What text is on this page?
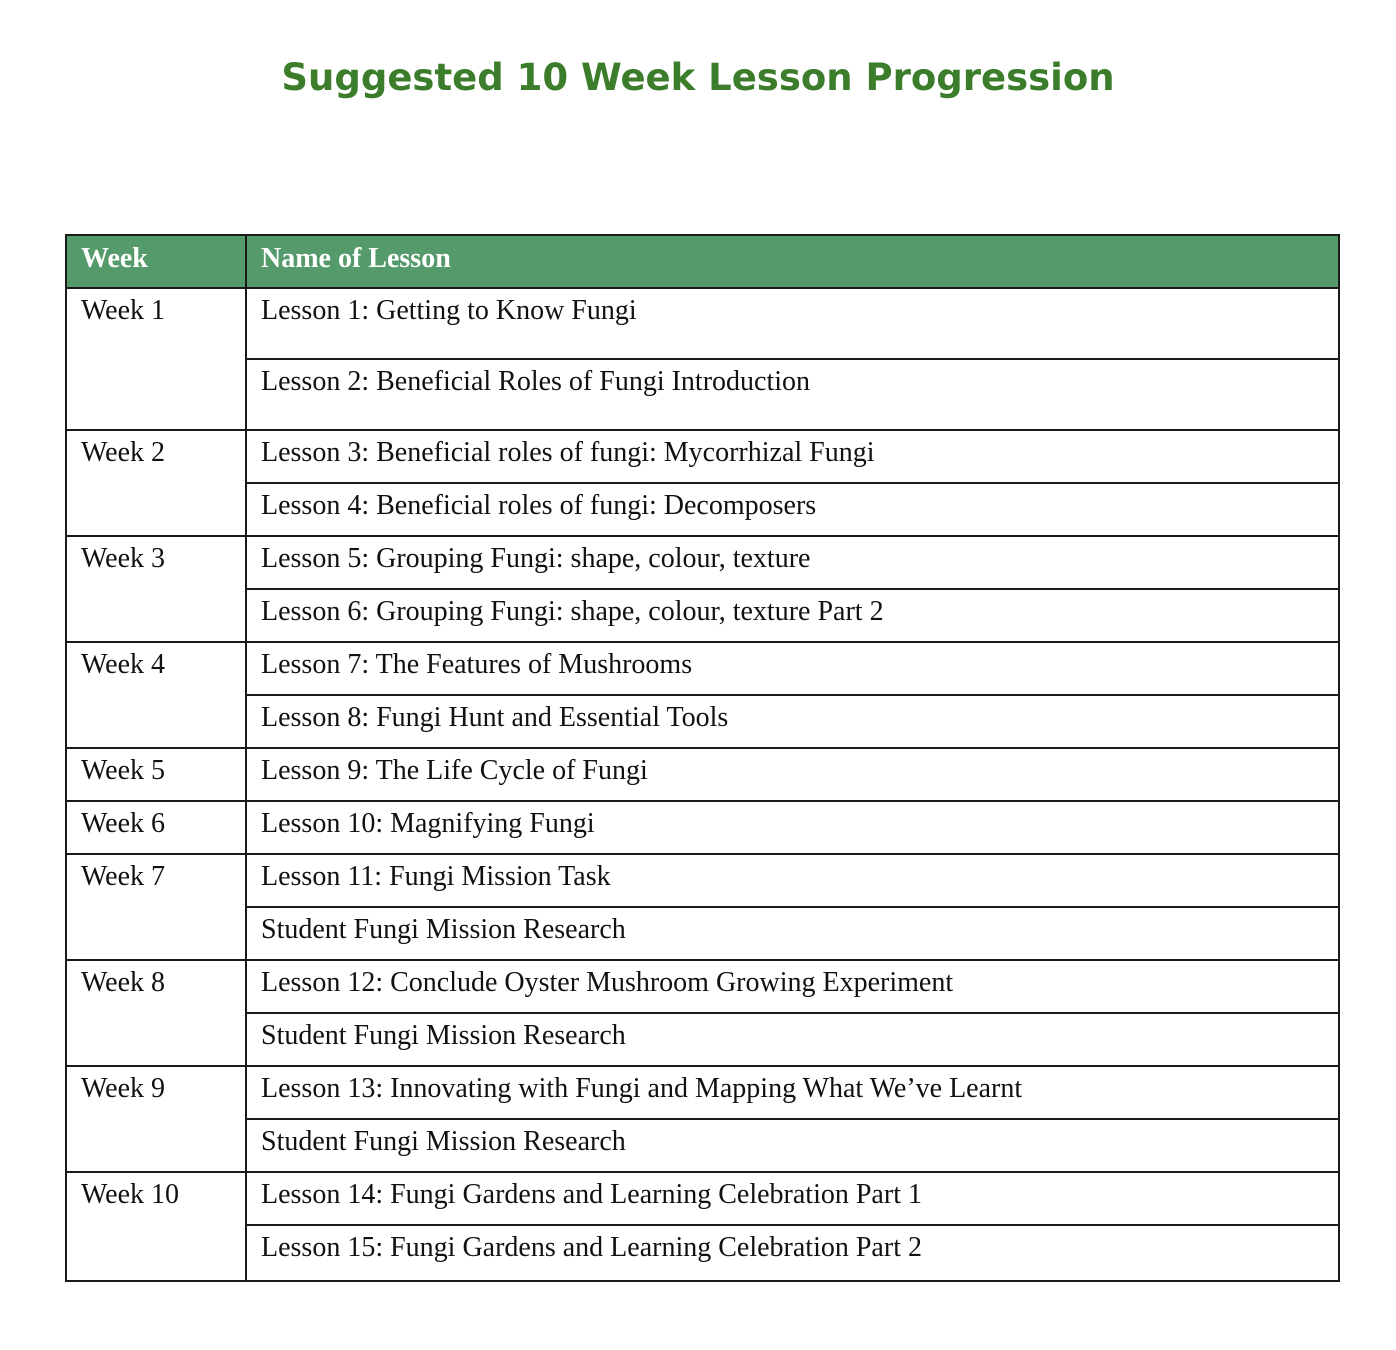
Suggested 10 Week Lesson Progression
Week	Name of Lesson
Week 1	Lesson 1: Getting to Know Fungi
	Lesson 2: Beneficial Roles of Fungi Introduction
Week 2	Lesson 3: Beneficial roles of fungi: Mycorrhizal Fungi
	Lesson 4: Beneficial roles of fungi: Decomposers
Week 3	Lesson 5: Grouping Fungi: shape, colour, texture
	Lesson 6: Grouping Fungi: shape, colour, texture Part 2
Week 4	Lesson 7: The Features of Mushrooms
	Lesson 8: Fungi Hunt and Essential Tools
Week 5	Lesson 9: The Life Cycle of Fungi
Week 6	Lesson 10: Magnifying Fungi
Week 7	Lesson 11: Fungi Mission Task
	Student Fungi Mission Research
Week 8	Lesson 12: Conclude Oyster Mushroom Growing Experiment
	Student Fungi Mission Research
Week 9	Lesson 13: Innovating with Fungi and Mapping What We’ve Learnt
	Student Fungi Mission Research
Week 10	Lesson 14: Fungi Gardens and Learning Celebration Part 1
	Lesson 15: Fungi Gardens and Learning Celebration Part 2
